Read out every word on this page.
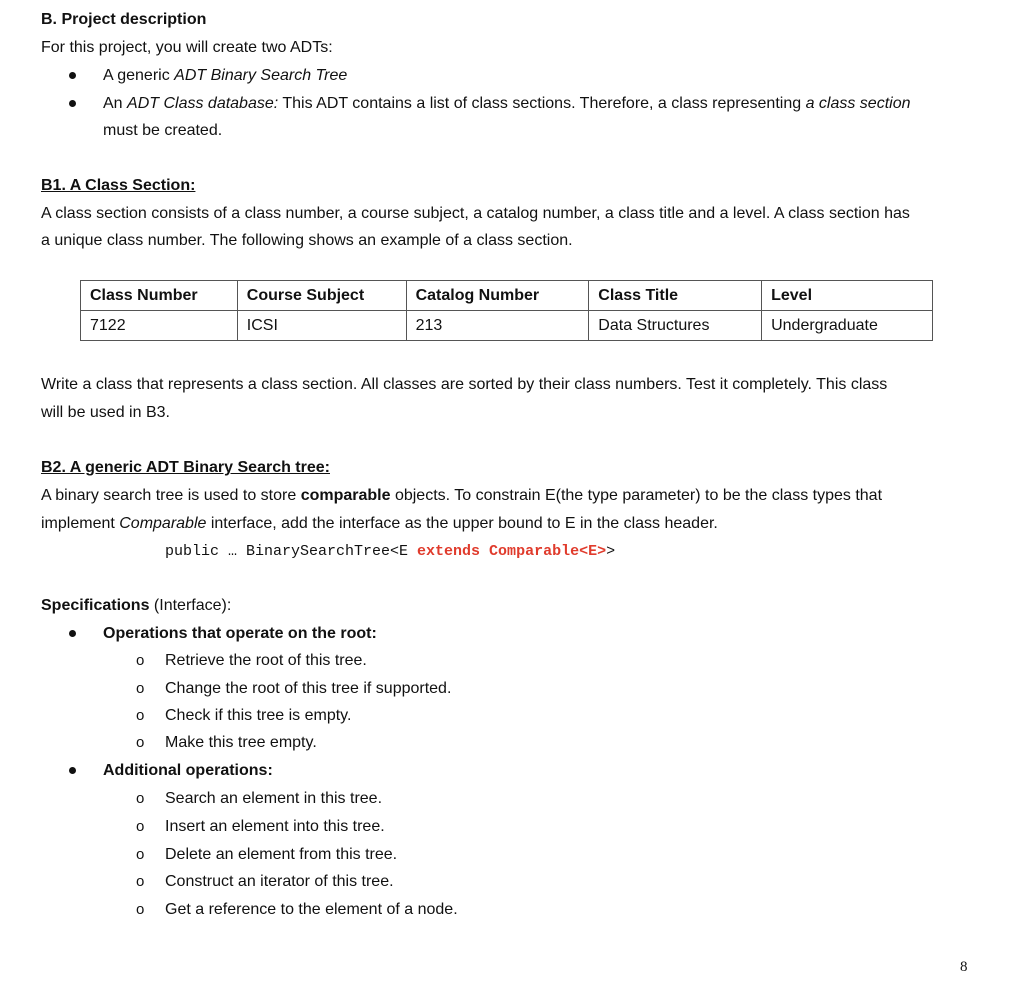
B. Project description
For this project, you will create two ADTs:
A generic ADT Binary Search Tree
An ADT Class database: This ADT contains a list of class sections. Therefore, a class representing a class section
must be created.
B1. A Class Section:
A class section consists of a class number, a course subject, a catalog number, a class title and a level. A class section has
a unique class number. The following shows an example of a class section.
Class Number	Course Subject	Catalog Number	Class Title	Level
7122	ICSI	213	Data Structures	Undergraduate
Write a class that represents a class section. All classes are sorted by their class numbers. Test it completely. This class
will be used in B3.
B2. A generic ADT Binary Search tree:
A binary search tree is used to store comparable objects. To constrain E(the type parameter) to be the class types that
implement Comparable interface, add the interface as the upper bound to E in the class header.
public … BinarySearchTree<E extends Comparable<E>>
Specifications (Interface):
Operations that operate on the root:
o Retrieve the root of this tree.
o Change the root of this tree if supported.
o Check if this tree is empty.
o Make this tree empty.
Additional operations:
o Search an element in this tree.
o Insert an element into this tree.
o Delete an element from this tree.
o Construct an iterator of this tree.
o Get a reference to the element of a node.
8
